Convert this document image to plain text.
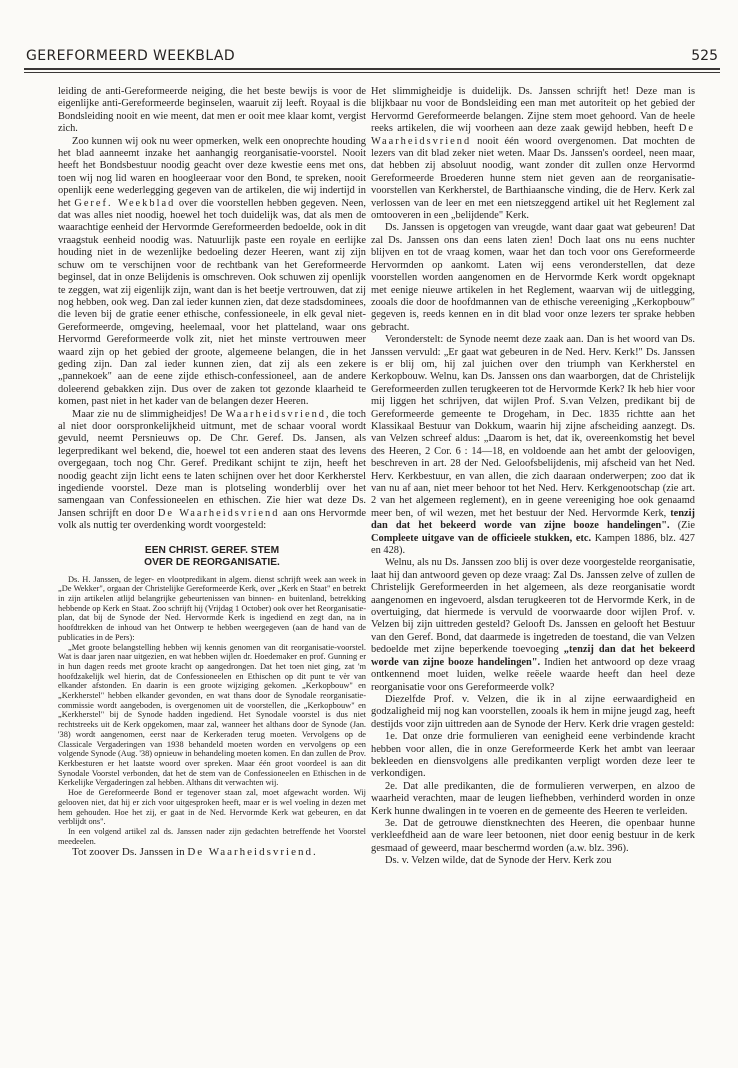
GEREFORMEERD WEEKBLAD	525

leiding de anti-Gereformeerde neiging, die het beste bewijs is voor de eigenlijke anti-Gereformeerde beginselen, waaruit zij leeft. Royaal is die Bondsleiding nooit en wie meent, dat men er ooit mee klaar komt, vergist zich.

Zoo kunnen wij ook nu weer opmerken, welk een onoprechte houding het blad aanneemt inzake het aanhangig reorganisatie-voorstel. Nooit heeft het Bondsbestuur noodig geacht over deze kwestie eens met ons, toen wij nog lid waren en hoogleeraar voor den Bond, te spreken, nooit openlijk eene wederlegging gegeven van de artikelen, die wij indertijd in het Geref. Weekblad over die voorstellen hebben gegeven. Neen, dat was alles niet noodig, hoewel het toch duidelijk was, dat als men de waarachtige eenheid der Hervormde Gereformeerden bedoelde, ook in dit vraagstuk eenheid noodig was. Natuurlijk paste een royale en eerlijke houding niet in de wezenlijke bedoeling dezer Heeren, want zij zijn schuw om te verschijnen voor de rechtbank van het Gereformeerde beginsel, dat in onze Belijdenis is omschreven. Ook schuwen zij openlijk te zeggen, wat zij eigenlijk zijn, want dan is het beetje vertrouwen, dat zij nog hebben, ook weg. Dan zal ieder kunnen zien, dat deze stadsdominees, die leven bij de gratie eener ethische, confessioneele, in elk geval niet-Gereformeerde, omgeving, heelemaal, voor het platteland, waar ons Hervormd Gereformeerde volk zit, niet het minste vertrouwen meer waard zijn op het gebied der groote, algemeene belangen, die in het geding zijn. Dan zal ieder kunnen zien, dat zij als een zekere „pannekoek" aan de eene zijde ethisch-confessioneel, aan de andere doleerend gebakken zijn. Dus over de zaken tot gezonde klaarheid te komen, past niet in het kader van de belangen dezer Heeren.

Maar zie nu de slimmigheidjes! De Waarheidsvriend, die toch al niet door oorspronkelijkheid uitmunt, met de schaar vooral wordt gevuld, neemt Persnieuws op. De Chr. Geref. Ds. Jansen, als legerpredikant wel bekend, die, hoewel tot een anderen staat des levens overgegaan, toch nog Chr. Geref. Predikant schijnt te zijn, heeft het noodig geacht zijn licht eens te laten schijnen over het door Kerkherstel ingediende voorstel. Deze man is plotseling wonderblij over het samengaan van Confessioneelen en ethischen. Zie hier wat deze Ds. Jansen schrijft en door De Waarheidsvriend aan ons Hervormde volk als nuttig ter overdenking wordt voorgesteld:

EEN CHRIST. GEREF. STEM
OVER DE REORGANISATIE.

Ds. H. Janssen, de leger- en vlootpredikant in algem. dienst schrijft week aan week in „De Wekker", orgaan der Christelijke Gereformeerde Kerk, over „Kerk en Staat" en betrekt in zijn artikelen atlijd belangrijke gebeurtenissen van binnen- en buitenland, betrekking hebbende op Kerk en Staat. Zoo schrijft hij (Vrijdag 1 October) ook over het Reorganisatie-plan, dat bij de Synode der Ned. Hervormde Kerk is ingediend en zegt dan, na in hoofdtrekken de inhoud van het Ontwerp te hebben weergegeven (aan de hand van de publicaties in de Pers):

„Met groote belangstelling hebben wij kennis genomen van dit reorganisatie-voorstel. Wat is daar jaren naar uitgezien, en wat hebben wijlen dr. Hoedemaker en prof. Gunning er in hun dagen reeds met groote kracht op aangedrongen. Dat het toen niet ging, zat 'm hoofdzakelijk wel hierin, dat de Confessioneelen en Ethischen op dit punt te vèr van elkander afstonden. En daarin is een groote wijziging gekomen. „Kerkopbouw" en „Kerkherstel" hebben elkander gevonden, en wat thans door de Synodale reorganisatie-commissie wordt aangeboden, is overgenomen uit de voorstellen, die „Kerkopbouw" en „Kerkherstel" bij de Synode hadden ingediend. Het Synodale voorstel is dus niet rechtstreeks uit de Kerk opgekomen, maar zal, wanneer het althans door de Synode (Jan. '38) wordt aangenomen, eerst naar de Kerkeraden terug moeten. Vervolgens op de Classicale Vergaderingen van 1938 behandeld moeten worden en vervolgens op een volgende Synode (Aug. '38) opnieuw in behandeling moeten komen. En dan zullen de Prov. Kerkbesturen er het laatste woord over spreken. Maar één groot voordeel is aan dit Synodale Voorstel verbonden, dat het de stem van de Confessioneelen en Ethischen in de Kerkelijke Vergaderingen zal hebben. Althans dit verwachten wij.

Hoe de Gereformeerde Bond er tegenover staan zal, moet afgewacht worden. Wij gelooven niet, dat hij er zich voor uitgesproken heeft, maar er is wel voeling in dezen met hem gehouden. Hoe het zij, er gaat in de Ned. Hervormde Kerk wat gebeuren, en dat verblijdt ons".

In een volgend artikel zal ds. Janssen nader zijn gedachten betreffende het Voorstel meedeelen.

Tot zoover Ds. Janssen in De Waarheidsvriend.

Het slimmigheidje is duidelijk. Ds. Janssen schrijft het! Deze man is blijkbaar nu voor de Bondsleiding een man met autoriteit op het gebied der Hervormd Gereformeerde belangen. Zijne stem moet gehoord. Van de heele reeks artikelen, die wij voorheen aan deze zaak gewijd hebben, heeft De Waarheidsvriend nooit één woord overgenomen. Dat mochten de lezers van dit blad zeker niet weten. Maar Ds. Janssen's oordeel, neen maar, dat hebben zij absoluut noodig, want zonder dit zullen onze Hervormd Gereformeerde Broederen hunne stem niet geven aan de reorganisatie-voorstellen van Kerkherstel, de Barthiaansche vinding, die de Herv. Kerk zal verlossen van de leer en met een nietszeggend artikel uit het Reglement zal omtooveren in een „belijdende" Kerk.

Ds. Janssen is opgetogen van vreugde, want daar gaat wat gebeuren! Dat zal Ds. Janssen ons dan eens laten zien! Doch laat ons nu eens nuchter blijven en tot de vraag komen, waar het dan toch voor ons Gereformeerde Hervormden op aankomt. Laten wij eens veronderstellen, dat deze voorstellen worden aangenomen en de Hervormde Kerk wordt opgeknapt met eenige nieuwe artikelen in het Reglement, waarvan wij de uitlegging, zooals die door de hoofdmannen van de ethische vereeniging „Kerkopbouw" gegeven is, reeds kennen en in dit blad voor onze lezers ter sprake hebben gebracht.

Veronderstelt: de Synode neemt deze zaak aan. Dan is het woord van Ds. Janssen vervuld: „Er gaat wat gebeuren in de Ned. Herv. Kerk!" Ds. Janssen is er blij om, hij zal juichen over den triumph van Kerkherstel en Kerkopbouw. Welnu, kan Ds. Janssen ons dan waarborgen, dat de Christelijk Gereformeerden zullen terugkeeren tot de Hervormde Kerk? Ik heb hier voor mij liggen het schrijven, dat wijlen Prof. S.van Velzen, predikant bij de Gereformeerde gemeente te Drogeham, in Dec. 1835 richtte aan het Klassikaal Bestuur van Dokkum, waarin hij zijne afscheiding aanzegt. Ds. van Velzen schreef aldus: „Daarom is het, dat ik, overeenkomstig het bevel des Heeren, 2 Cor. 6 : 14—18, en voldoende aan het ambt der geloovigen, beschreven in art. 28 der Ned. Geloofsbelijdenis, mij afscheid van het Ned. Herv. Kerkbestuur, en van allen, die zich daaraan onderwerpen; zoo dat ik van nu af aan, niet meer behoor tot het Ned. Herv. Kerkgenootschap (zie art. 2 van het algemeen reglement), en in geene vereeniging hoe ook genaamd meer ben, of wil wezen, met het bestuur der Ned. Hervormde Kerk, tenzij dan dat het bekeerd worde van zijne booze handelingen". (Zie Compleete uitgave van de officieele stukken, etc. Kampen 1886, blz. 427 en 428).

Welnu, als nu Ds. Janssen zoo blij is over deze voorgestelde reorganisatie, laat hij dan antwoord geven op deze vraag: Zal Ds. Janssen zelve of zullen de Christelijk Gereformeerden in het algemeen, als deze reorganisatie wordt aangenomen en ingevoerd, alsdan terugkeeren tot de Hervormde Kerk, in de overtuiging, dat hiermede is vervuld de voorwaarde door wijlen Prof. v. Velzen bij zijn uittreden gesteld? Gelooft Ds. Janssen en gelooft het Bestuur van den Geref. Bond, dat daarmede is ingetreden de toestand, die van Velzen bedoelde met zijne beperkende toevoeging „tenzij dan dat het bekeerd worde van zijne booze handelingen". Indien het antwoord op deze vraag ontkennend moet luiden, welke reëele waarde heeft dan heel deze reorganisatie voor ons Gereformeerde volk?

Diezelfde Prof. v. Velzen, die ik in al zijne eerwaardigheid en godzaligheid mij nog kan voorstellen, zooals ik hem in mijne jeugd zag, heeft destijds voor zijn uittreden aan de Synode der Herv. Kerk drie vragen gesteld:

1e. Dat onze drie formulieren van eenigheid eene verbindende kracht hebben voor allen, die in onze Gereformeerde Kerk het ambt van leeraar bekleeden en diensvolgens alle predikanten verpligt worden deze leer te verkondigen.

2e. Dat alle predikanten, die de formulieren verwerpen, en alzoo de waarheid verachten, maar de leugen liefhebben, verhinderd worden in onze Kerk hunne dwalingen in te voeren en de gemeente des Heeren te verleiden.

3e. Dat de getrouwe dienstknechten des Heeren, die openbaar hunne verkleefdheid aan de ware leer betoonen, niet door eenig bestuur in de kerk gesmaad of geweerd, maar beschermd worden (a.w. blz. 396).

Ds. v. Velzen wilde, dat de Synode der Herv. Kerk zou
